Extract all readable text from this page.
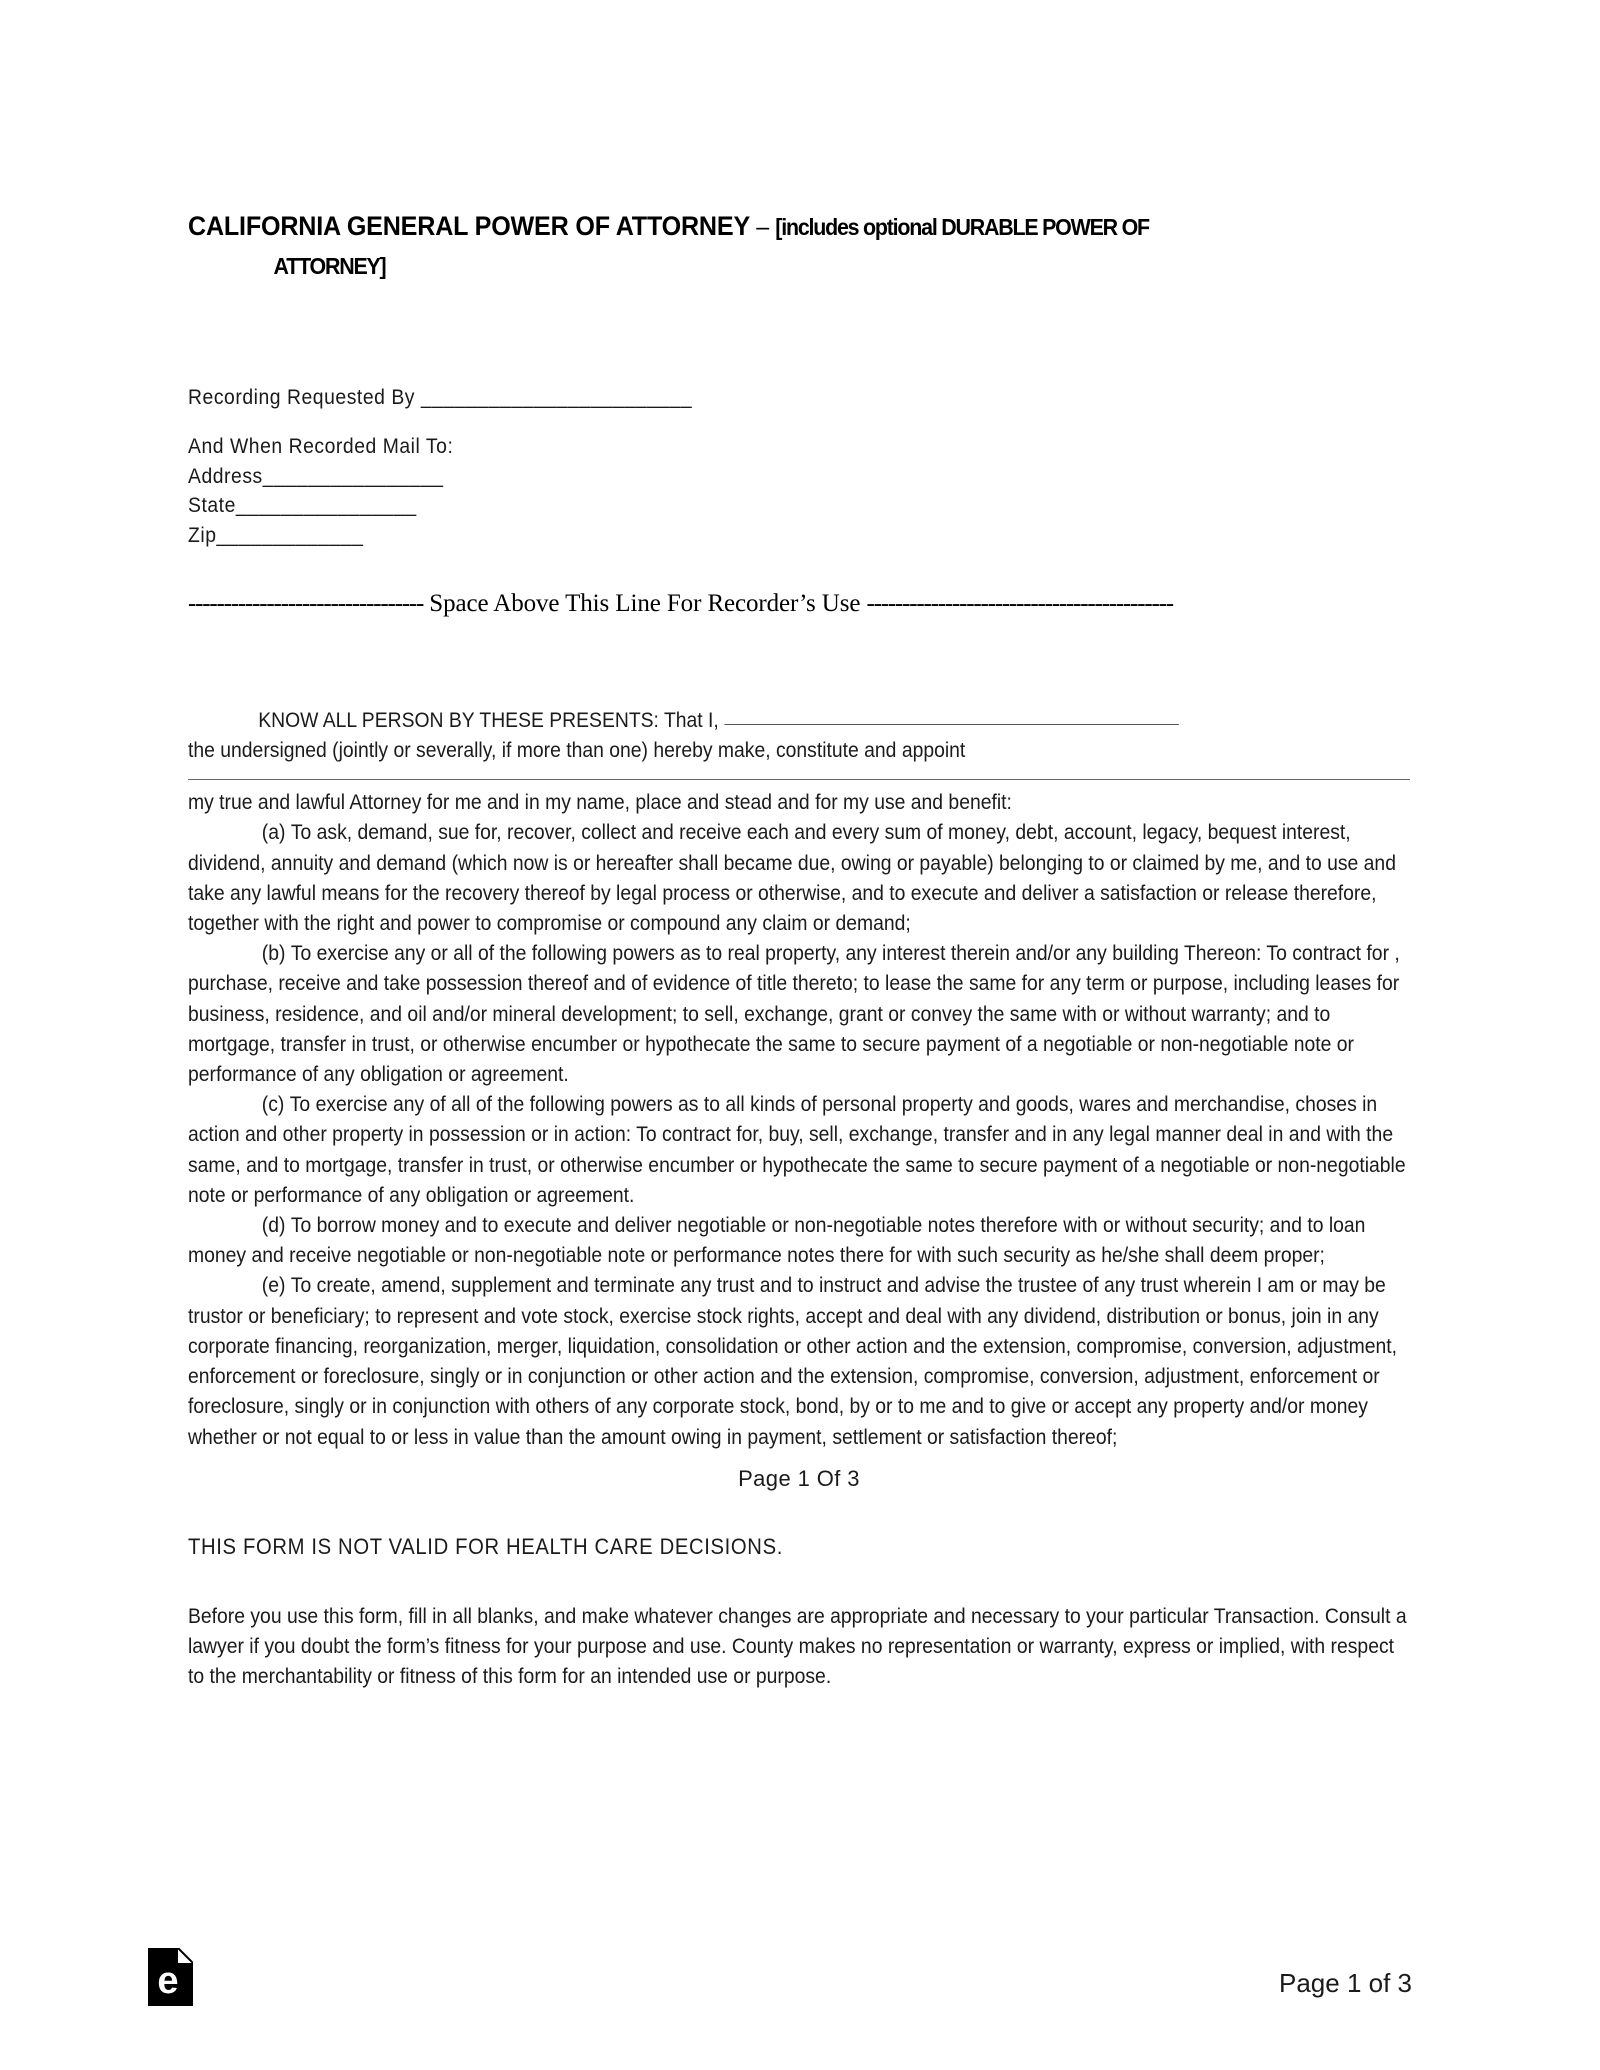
CALIFORNIA GENERAL POWER OF ATTORNEY – [includes optional DURABLE POWER OF
ATTORNEY]
Recording Requested By ________________________
And When Recorded Mail To:
Address________________
State________________
Zip_____________
--------------------------------- Space Above This Line For Recorder’s Use -------------------------------------------

KNOW ALL PERSON BY THESE PRESENTS: That I,
the undersigned (jointly or severally, if more than one) hereby make, constitute and appoint

my true and lawful Attorney for me and in my name, place and stead and for my use and benefit:

(a) To ask, demand, sue for, recover, collect and receive each and every sum of money, debt, account, legacy, bequest interest, dividend, annuity and demand (which now is or hereafter shall became due, owing or payable) belonging to or claimed by me, and to use and take any lawful means for the recovery thereof by legal process or otherwise, and to execute and deliver a satisfaction or release therefore, together with the right and power to compromise or compound any claim or demand;

(b) To exercise any or all of the following powers as to real property, any interest therein and/or any building Thereon: To contract for , purchase, receive and take possession thereof and of evidence of title thereto; to lease the same for any term or purpose, including leases for business, residence, and oil and/or mineral development; to sell, exchange, grant or convey the same with or without warranty; and to mortgage, transfer in trust, or otherwise encumber or hypothecate the same to secure payment of a negotiable or non-negotiable note or performance of any obligation or agreement.

(c) To exercise any of all of the following powers as to all kinds of personal property and goods, wares and merchandise, choses in action and other property in possession or in action: To contract for, buy, sell, exchange, transfer and in any legal manner deal in and with the same, and to mortgage, transfer in trust, or otherwise encumber or hypothecate the same to secure payment of a negotiable or non-negotiable note or performance of any obligation or agreement.

(d) To borrow money and to execute and deliver negotiable or non-negotiable notes therefore with or without security; and to loan money and receive negotiable or non-negotiable note or performance notes there for with such security as he/she shall deem proper;

(e) To create, amend, supplement and terminate any trust and to instruct and advise the trustee of any trust wherein I am or may be trustor or beneficiary; to represent and vote stock, exercise stock rights, accept and deal with any dividend, distribution or bonus, join in any corporate financing, reorganization, merger, liquidation, consolidation or other action and the extension, compromise, conversion, adjustment, enforcement or foreclosure, singly or in conjunction or other action and the extension, compromise, conversion, adjustment, enforcement or foreclosure, singly or in conjunction with others of any corporate stock, bond, by or to me and to give or accept any property and/or money whether or not equal to or less in value than the amount owing in payment, settlement or satisfaction thereof;

Page 1 Of 3
THIS FORM IS NOT VALID FOR HEALTH CARE DECISIONS.

Before you use this form, fill in all blanks, and make whatever changes are appropriate and necessary to your particular Transaction. Consult a lawyer if you doubt the form’s fitness for your purpose and use. County makes no representation or warranty, express or implied, with respect to the merchantability or fitness of this form for an intended use or purpose.

e	Page 1 of 3
